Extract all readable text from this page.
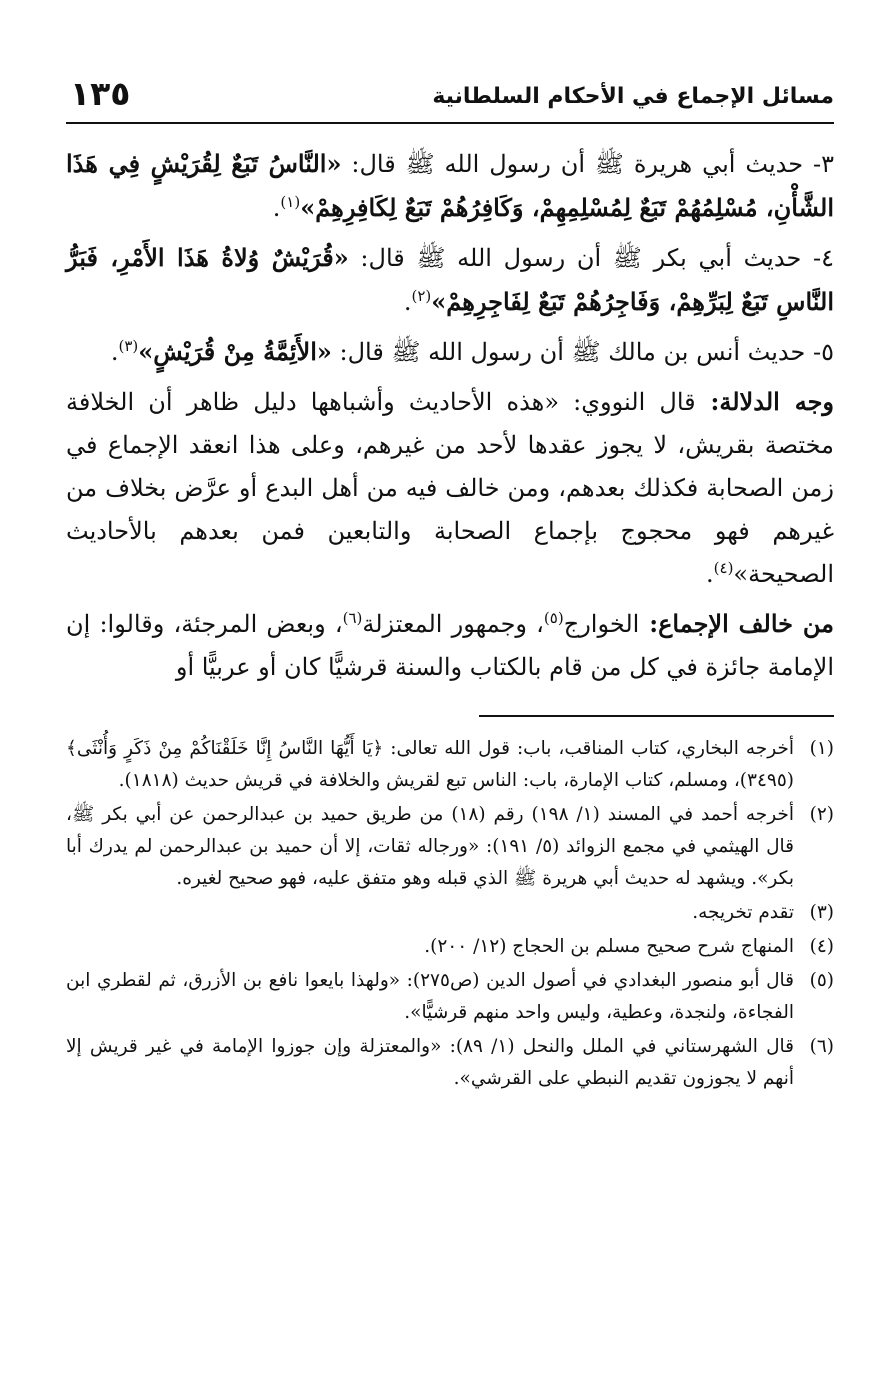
مسائل الإجماع في الأحكام السلطانية
١٣٥

٣- حديث أبي هريرة ﷺ أن رسول الله ﷺ قال: «النَّاسُ تَبَعٌ لِقُرَيْشٍ فِي هَذَا الشَّأْنِ، مُسْلِمُهُمْ تَبَعٌ لِمُسْلِمِهِمْ، وَكَافِرُهُمْ تَبَعٌ لِكَافِرِهِمْ»$^{(١)}$.

٤- حديث أبي بكر ﷺ أن رسول الله ﷺ قال: «قُرَيْشٌ وُلاةُ هَذَا الأَمْرِ، فَبَرُّ النَّاسِ تَبَعٌ لِبَرِّهِمْ، وَفَاجِرُهُمْ تَبَعٌ لِفَاجِرِهِمْ»$^{(٢)}$.

٥- حديث أنس بن مالك ﷺ أن رسول الله ﷺ قال: «الأَئِمَّةُ مِنْ قُرَيْشٍ»$^{(٣)}$.

وجه الدلالة: قال النووي: «هذه الأحاديث وأشباهها دليل ظاهر أن الخلافة مختصة بقريش، لا يجوز عقدها لأحد من غيرهم، وعلى هذا انعقد الإجماع في زمن الصحابة فكذلك بعدهم، ومن خالف فيه من أهل البدع أو عرَّض بخلاف من غيرهم فهو محجوج بإجماع الصحابة والتابعين فمن بعدهم بالأحاديث الصحيحة»$^{(٤)}$.

من خالف الإجماع: الخوارج$^{(٥)}$، وجمهور المعتزلة$^{(٦)}$، وبعض المرجئة، وقالوا: إن الإمامة جائزة في كل من قام بالكتاب والسنة قرشيًّا كان أو عربيًّا أو

(١)
أخرجه البخاري، كتاب المناقب، باب: قول الله تعالى: ﴿يَا أَيُّهَا النَّاسُ إِنَّا خَلَقْنَاكُمْ مِنْ ذَكَرٍ وَأُنْثَى﴾ (٣٤٩٥)، ومسلم، كتاب الإمارة، باب: الناس تبع لقريش والخلافة في قريش حديث (١٨١٨).
(٢)
أخرجه أحمد في المسند (١/ ١٩٨) رقم (١٨) من طريق حميد بن عبدالرحمن عن أبي بكر ﷺ، قال الهيثمي في مجمع الزوائد (٥/ ١٩١): «ورجاله ثقات، إلا أن حميد بن عبدالرحمن لم يدرك أبا بكر». ويشهد له حديث أبي هريرة ﷺ الذي قبله وهو متفق عليه، فهو صحيح لغيره.
(٣)
تقدم تخريجه.
(٤)
المنهاج شرح صحيح مسلم بن الحجاج (١٢/ ٢٠٠).
(٥)
قال أبو منصور البغدادي في أصول الدين (ص٢٧٥): «ولهذا بايعوا نافع بن الأزرق، ثم لقطري ابن الفجاءة، ولنجدة، وعطية، وليس واحد منهم قرشيًّا».
(٦)
قال الشهرستاني في الملل والنحل (١/ ٨٩): «والمعتزلة وإن جوزوا الإمامة في غير قريش إلا أنهم لا يجوزون تقديم النبطي على القرشي».
